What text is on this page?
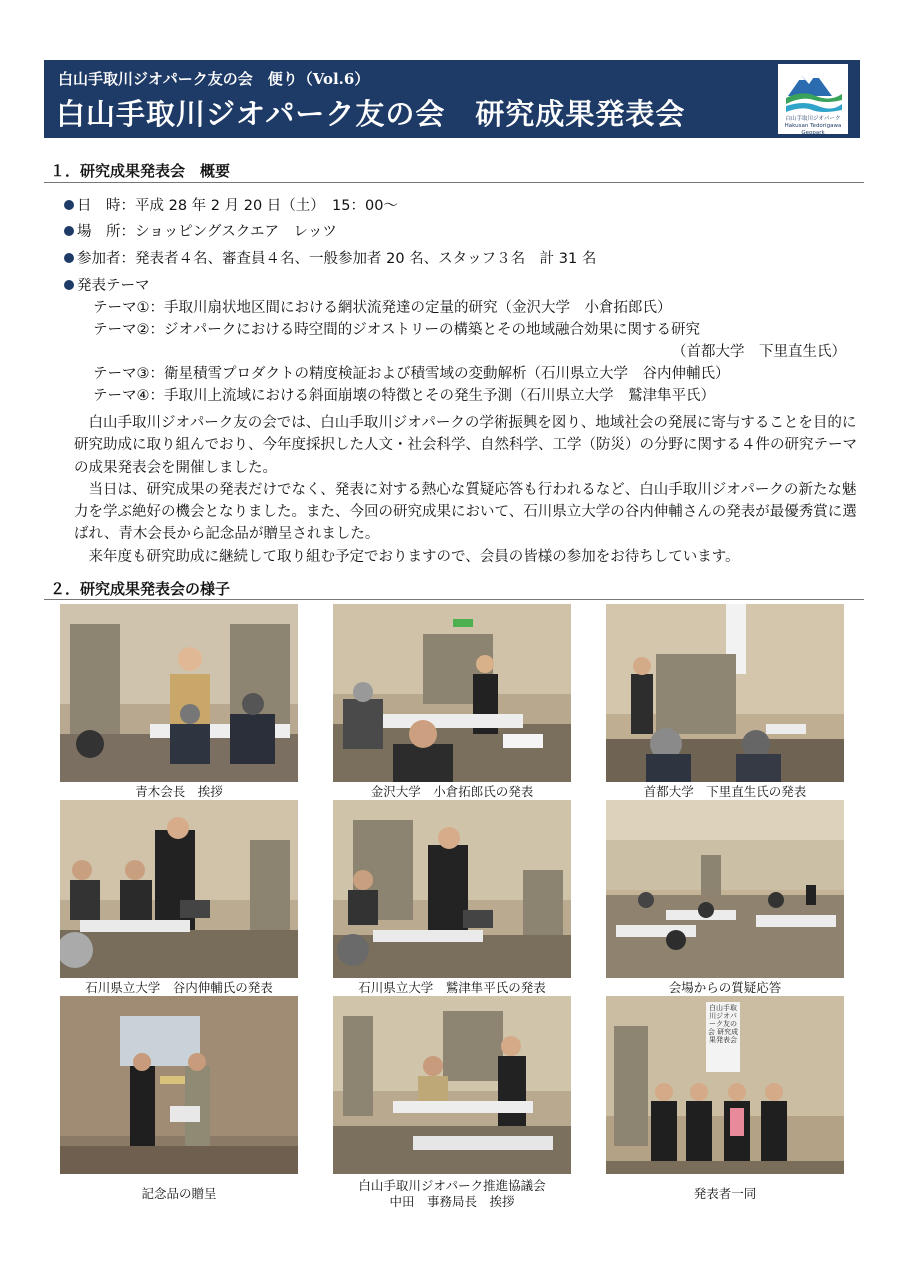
白山手取川ジオパーク友の会　便り（Vol.6）
白山手取川ジオパーク友の会　研究成果発表会	白山手取川ジオパーク
Hakusan Tedorigawa Geopark
１．研究成果発表会　概要
日　時：平成 28 年 2 月 20 日（土）　15：00～
場　所：ショッピングスクエア　レッツ
参加者：発表者４名、審査員４名、一般参加者 20 名、スタッフ３名　計 31 名
発表テーマ
テーマ①：手取川扇状地区間における網状流発達の定量的研究（金沢大学　小倉拓郎氏）
テーマ②：ジオパークにおける時空間的ジオストリーの構築とその地域融合効果に関する研究
（首都大学　下里直生氏）
テーマ③：衛星積雪プロダクトの精度検証および積雪域の変動解析（石川県立大学　谷内伸輔氏）
テーマ④：手取川上流域における斜面崩壊の特徴とその発生予測（石川県立大学　鷲津隼平氏）

白山手取川ジオパーク友の会では、白山手取川ジオパークの学術振興を図り、地域社会の発展に寄与することを目的に研究助成に取り組んでおり、今年度採択した人文・社会科学、自然科学、工学（防災）の分野に関する４件の研究テーマの成果発表会を開催しました。

当日は、研究成果の発表だけでなく、発表に対する熱心な質疑応答も行われるなど、白山手取川ジオパークの新たな魅力を学ぶ絶好の機会となりました。また、今回の研究成果において、石川県立大学の谷内伸輔さんの発表が最優秀賞に選ばれ、青木会長から記念品が贈呈されました。

来年度も研究助成に継続して取り組む予定でおりますので、会員の皆様の参加をお待ちしています。

２．研究成果発表会の様子
青木会長　挨拶	金沢大学　小倉拓郎氏の発表	首都大学　下里直生氏の発表
石川県立大学　谷内伸輔氏の発表	石川県立大学　鷲津隼平氏の発表	会場からの質疑応答
記念品の贈呈
白山手取川ジオパーク推進協議会
中田　事務局長　挨拶
白山手取川ジオパーク友の会 研究成果発表会
発表者一同
